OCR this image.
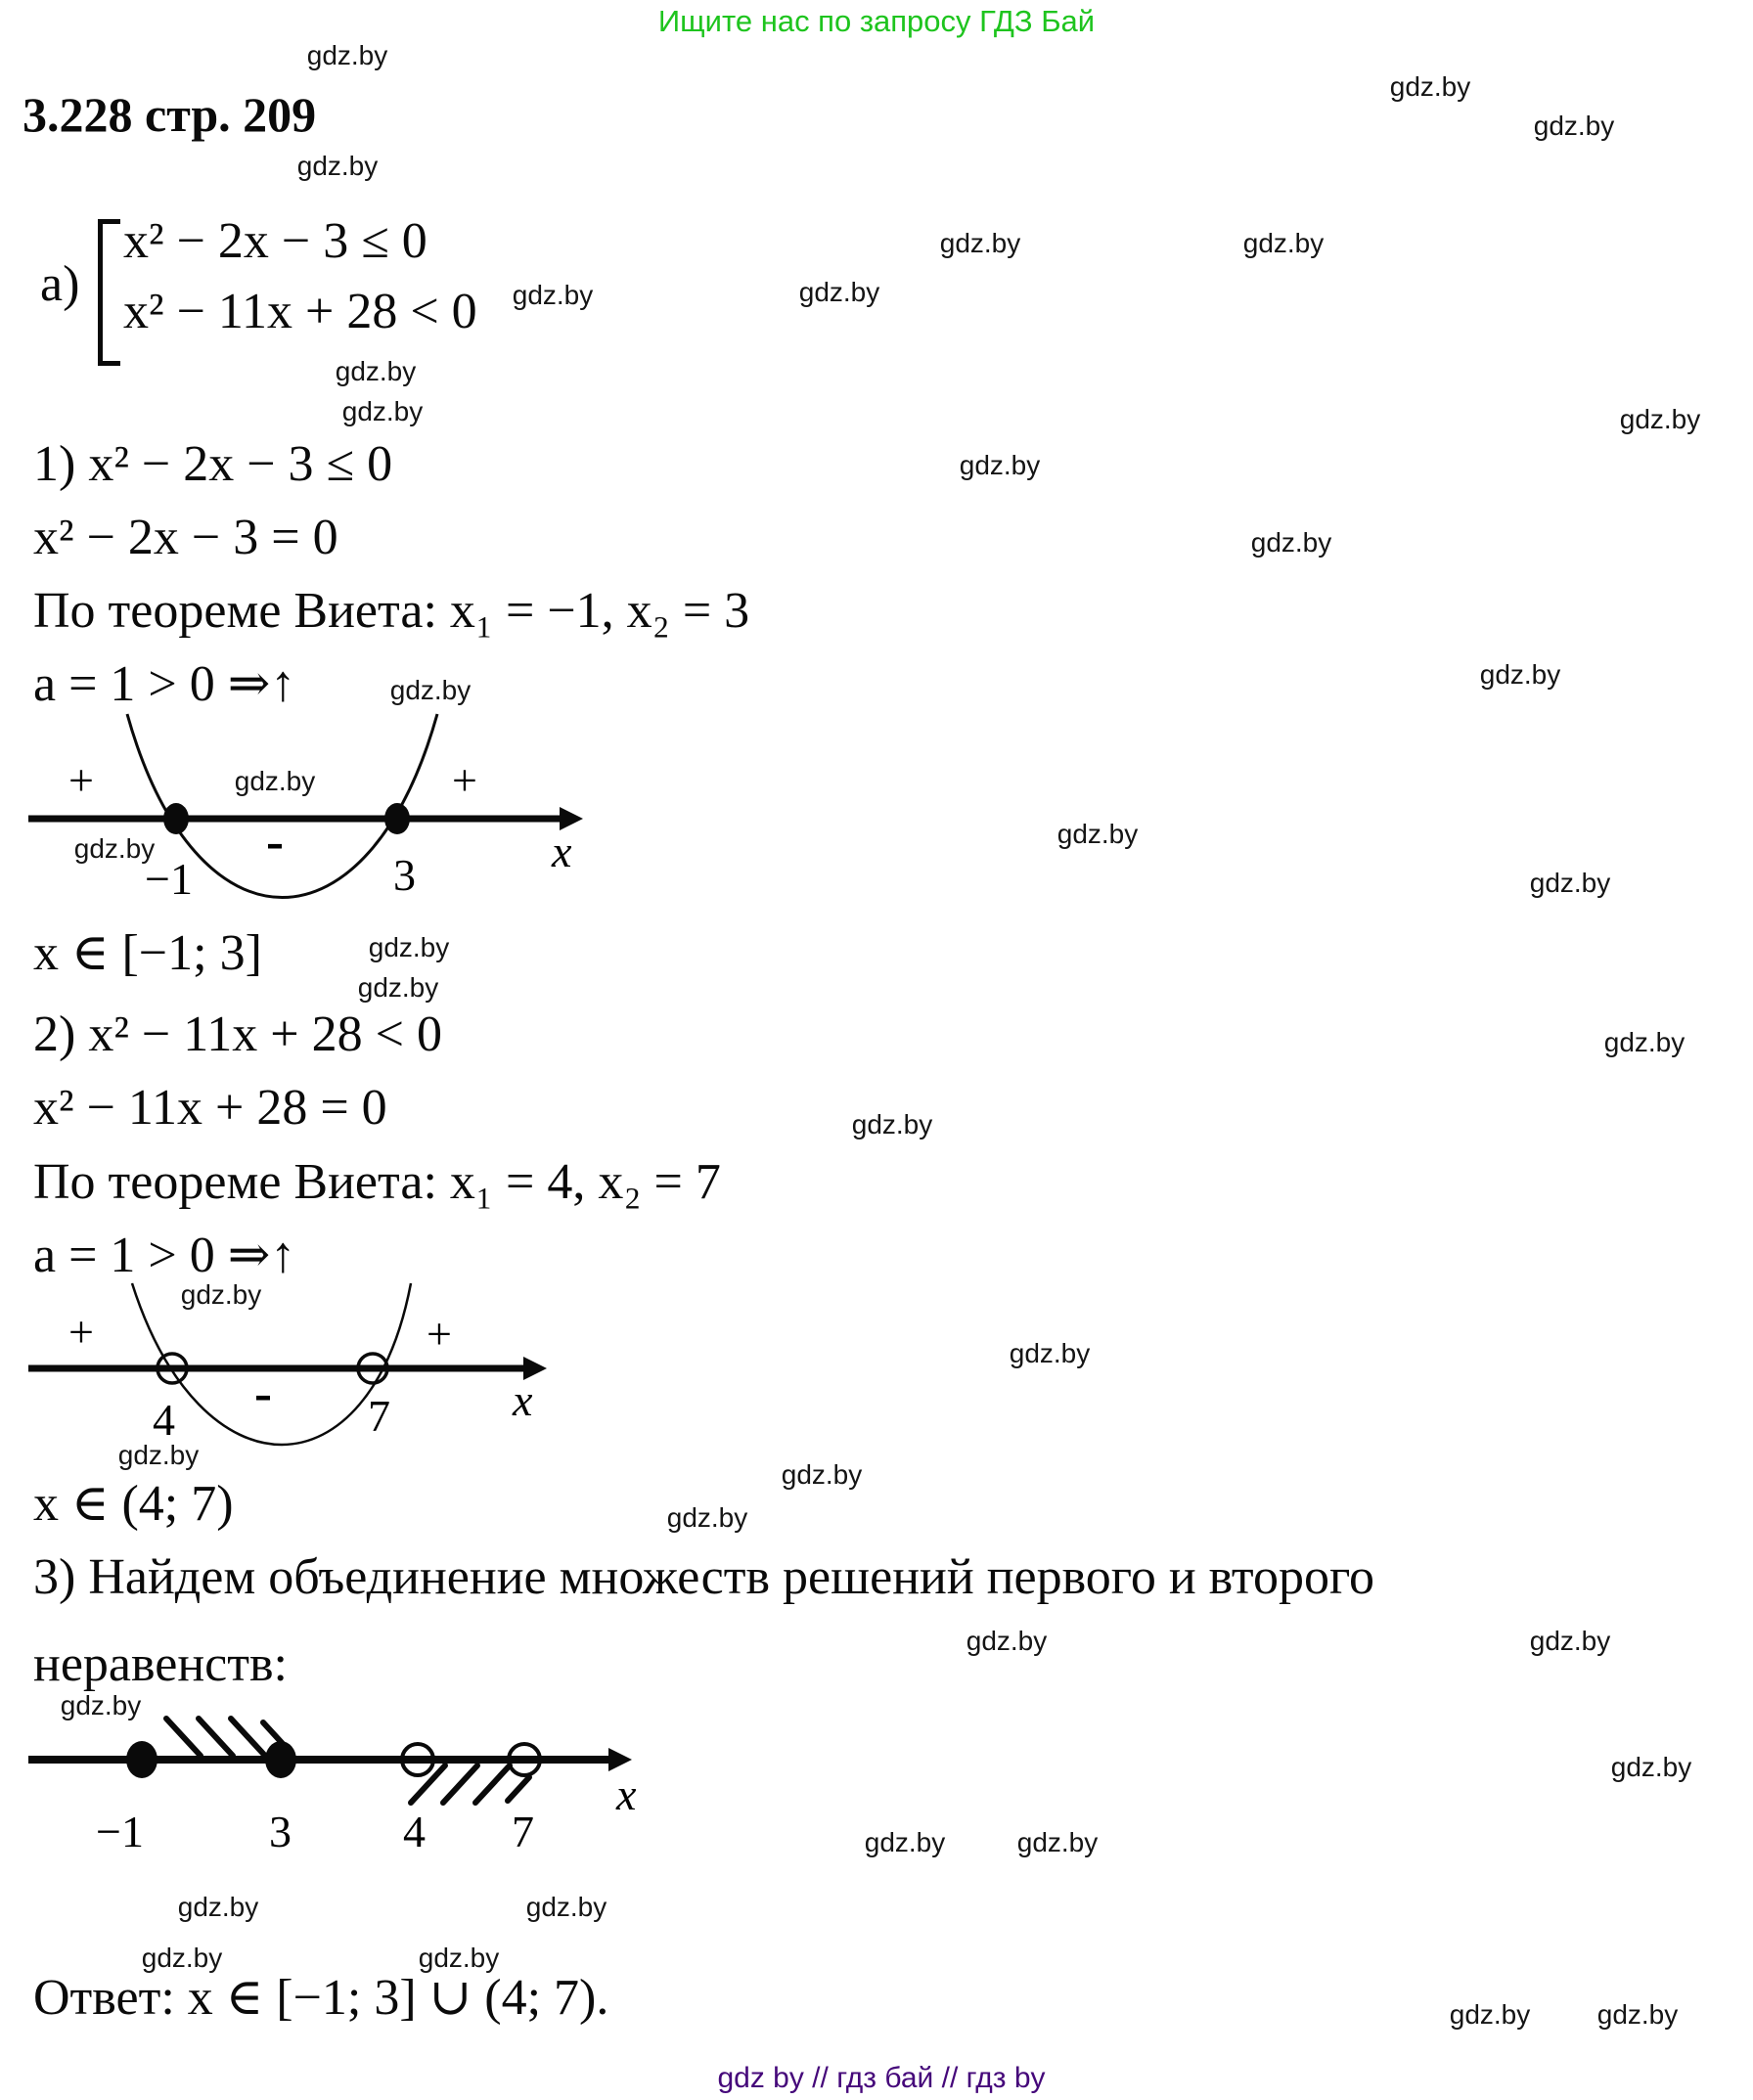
Ищите нас по запросу ГДЗ Бай
3.228 стр. 209
а)
x² − 2x − 3 ≤ 0
x² − 11x + 28 < 0
1) x² − 2x − 3 ≤ 0
x² − 2x − 3 = 0
По теореме Виета: x₁ = −1, x₂ = 3
a = 1 > 0 ⇒↑
+	+
-
−1	3	x
x ∈ [−1; 3]
2) x² − 11x + 28 < 0
x² − 11x + 28 = 0
По теореме Виета: x₁ = 4, x₂ = 7
a = 1 > 0 ⇒↑
+	+
-
4	7	x
x ∈ (4; 7)
3) Найдем объединение множеств решений первого и второго
неравенств:
−1	3 4 7
x
Ответ: x ∈ [−1; 3] ∪ (4; 7).
gdz.by
gdz.by
gdz.by
gdz.by
gdz.by	gdz.by
gdz.by	gdz.by
gdz.by
gdz.by	gdz.by
gdz.by
gdz.by
gdz.by
gdz.by
gdz.by
gdz.by	gdz.by
gdz.by
gdz.by
gdz.by
gdz.by
gdz.by
gdz.by
gdz.by
gdz.by
gdz.by
gdz.by
gdz.by	gdz.by
gdz.by
gdz.by
gdz.by	gdz.by
gdz.by	gdz.by
gdz.by	gdz.by
gdz.by gdz.by
gdz by // гдз бай // гдз by
